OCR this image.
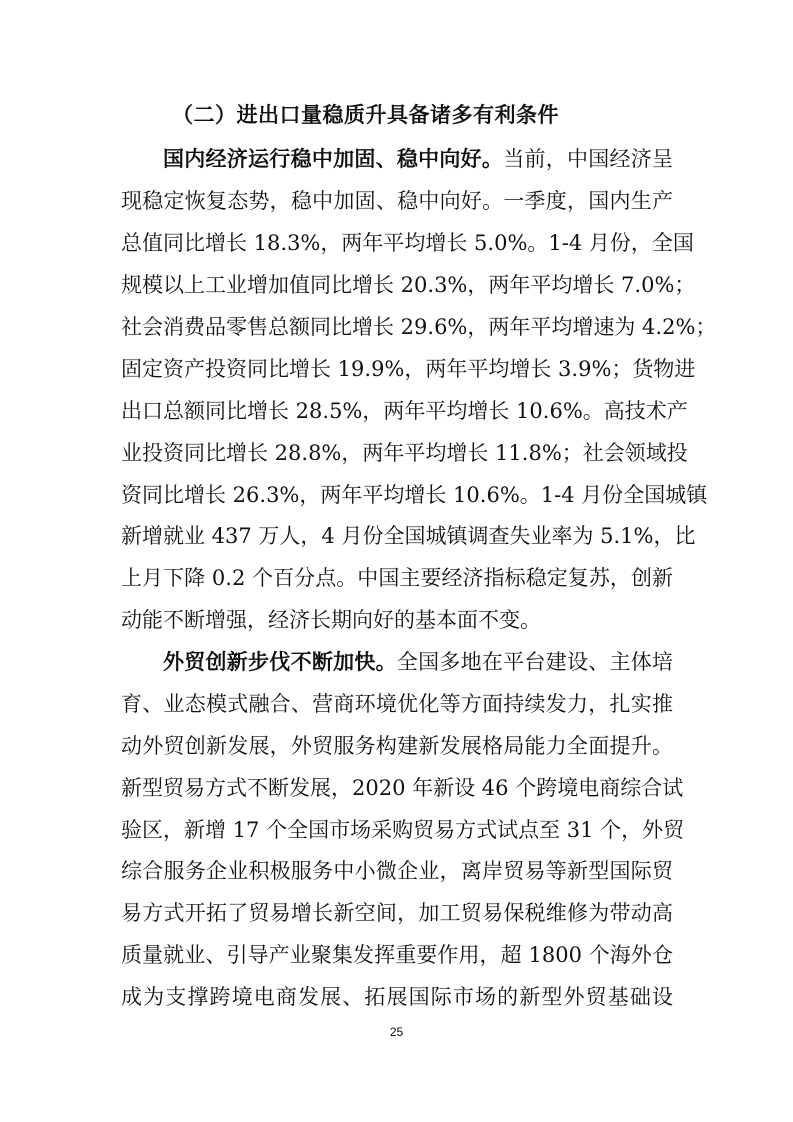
（二）进出口量稳质升具备诸多有利条件
国内经济运行稳中加固、稳中向好。当前，中国经济呈
现稳定恢复态势，稳中加固、稳中向好。一季度，国内生产
总值同比增长 18.3%，两年平均增长 5.0%。1-4 月份，全国
规模以上工业增加值同比增长 20.3%，两年平均增长 7.0%；
社会消费品零售总额同比增长 29.6%，两年平均增速为 4.2%；
固定资产投资同比增长 19.9%，两年平均增长 3.9%；货物进
出口总额同比增长 28.5%，两年平均增长 10.6%。高技术产
业投资同比增长 28.8%，两年平均增长 11.8%；社会领域投
资同比增长 26.3%，两年平均增长 10.6%。1-4 月份全国城镇
新增就业 437 万人，4 月份全国城镇调查失业率为 5.1%，比
上月下降 0.2 个百分点。中国主要经济指标稳定复苏，创新
动能不断增强，经济长期向好的基本面不变。
外贸创新步伐不断加快。全国多地在平台建设、主体培
育、业态模式融合、营商环境优化等方面持续发力，扎实推
动外贸创新发展，外贸服务构建新发展格局能力全面提升。
新型贸易方式不断发展，2020 年新设 46 个跨境电商综合试
验区，新增 17 个全国市场采购贸易方式试点至 31 个，外贸
综合服务企业积极服务中小微企业，离岸贸易等新型国际贸
易方式开拓了贸易增长新空间，加工贸易保税维修为带动高
质量就业、引导产业聚集发挥重要作用，超 1800 个海外仓
成为支撑跨境电商发展、拓展国际市场的新型外贸基础设
25
